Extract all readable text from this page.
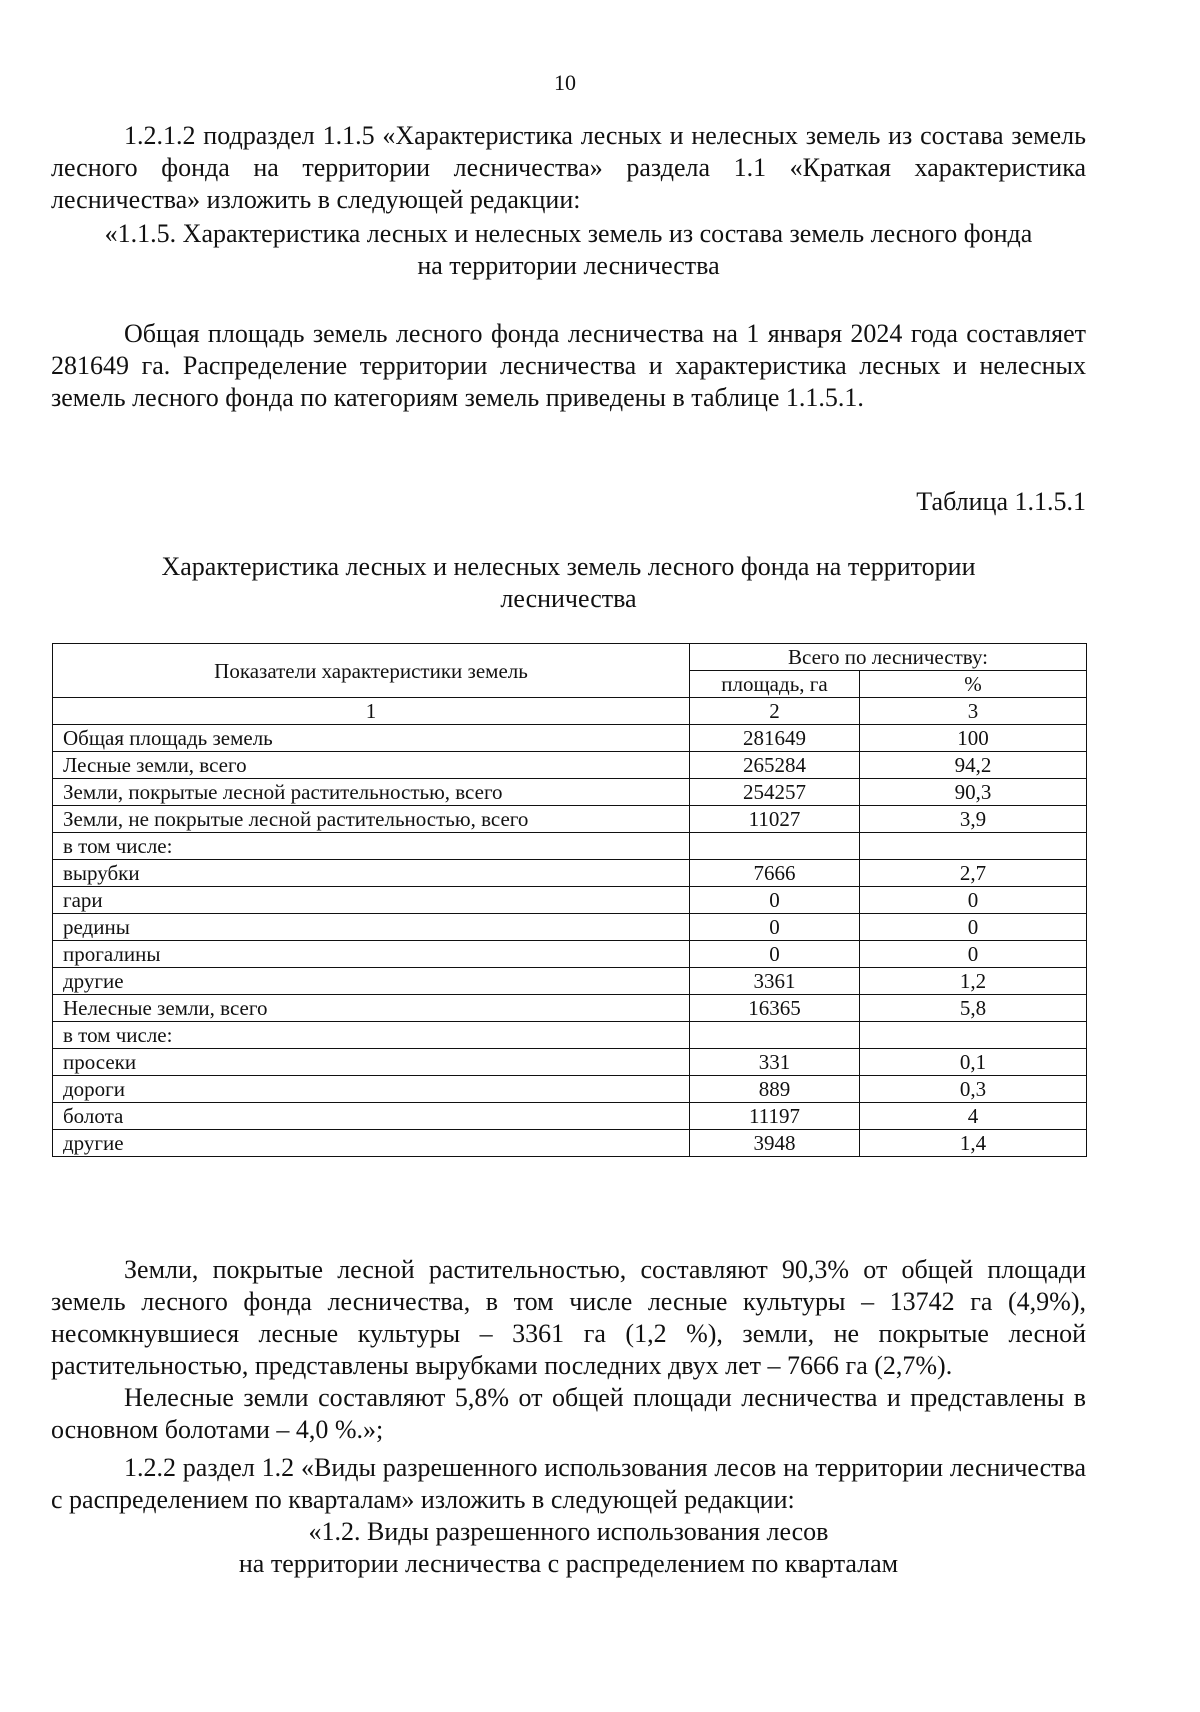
10

1.2.1.2 подраздел 1.1.5 «Характеристика лесных и нелесных земель из состава земель лесного фонда на территории лесничества» раздела 1.1 «Краткая характеристика лесничества» изложить в следующей редакции:

«1.1.5. Характеристика лесных и нелесных земель из состава земель лесного фонда

на территории лесничества

Общая площадь земель лесного фонда лесничества на 1 января 2024 года составляет 281649 га. Распределение территории лесничества и характеристика лесных и нелесных земель лесного фонда по категориям земель приведены в таблице 1.1.5.1.

Таблица 1.1.5.1

Характеристика лесных и нелесных земель лесного фонда на территории

лесничества

Показатели характеристики земель	Всего по лесничеству:	
	площадь, га	%
1	2	3
Общая площадь земель	281649	100
Лесные земли, всего	265284	94,2
Земли, покрытые лесной растительностью, всего	254257	90,3
Земли, не покрытые лесной растительностью, всего	11027	3,9
в том числе:		
вырубки	7666	2,7
гари	0	0
редины	0	0
прогалины	0	0
другие	3361	1,2
Нелесные земли, всего	16365	5,8
в том числе:		
просеки	331	0,1
дороги	889	0,3
болота	11197	4
другие	3948	1,4

Земли, покрытые лесной растительностью, составляют 90,3% от общей площади земель лесного фонда лесничества, в том числе лесные культуры – 13742 га (4,9%), несомкнувшиеся лесные культуры – 3361 га (1,2 %), земли, не покрытые лесной растительностью, представлены вырубками последних двух лет – 7666 га (2,7%).

Нелесные земли составляют 5,8% от общей площади лесничества и представлены в основном болотами – 4,0 %.»;

1.2.2 раздел 1.2 «Виды разрешенного использования лесов на территории лесничества с распределением по кварталам» изложить в следующей редакции:

«1.2. Виды разрешенного использования лесов

на территории лесничества с распределением по кварталам
